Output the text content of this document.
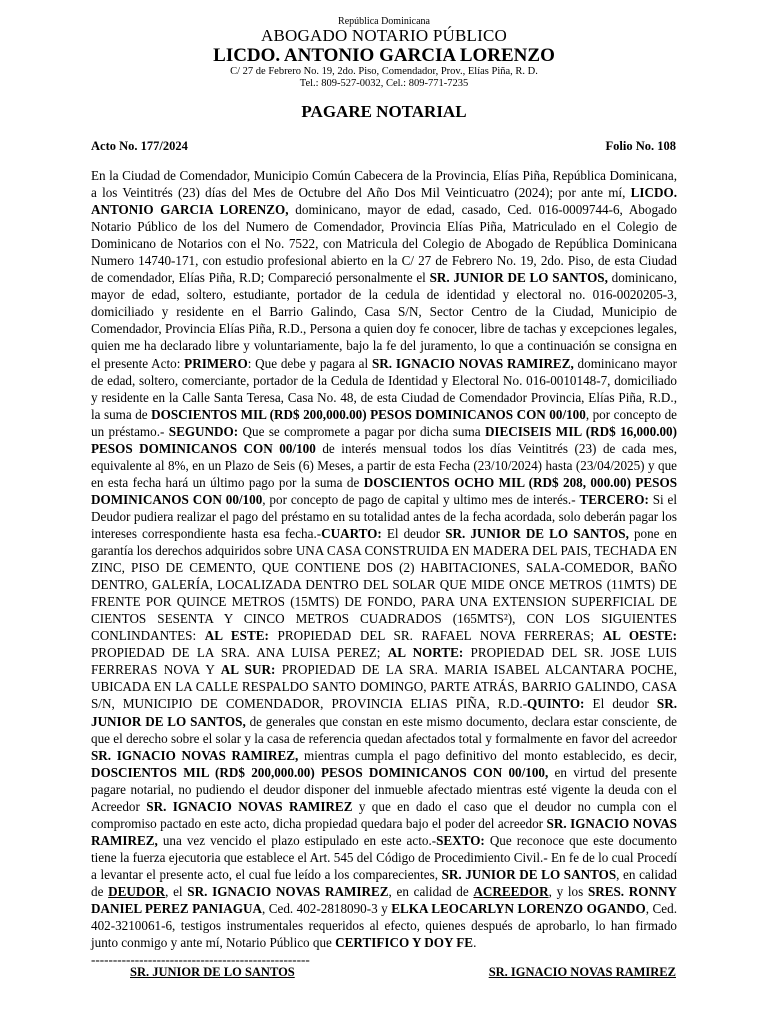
República Dominicana
ABOGADO NOTARIO PÚBLICO
LICDO. ANTONIO GARCIA LORENZO
C/ 27 de Febrero No. 19, 2do. Piso, Comendador, Prov., Elías Piña, R. D.
Tel.: 809-527-0032, Cel.: 809-771-7235
PAGARE NOTARIAL
Acto No. 177/2024	Folio No. 108
En la Ciudad de Comendador, Municipio Común Cabecera de la Provincia, Elías Piña, República Dominicana, a los Veintitrés (23) días del Mes de Octubre del Año Dos Mil Veinticuatro (2024); por ante mí, LICDO. ANTONIO GARCIA LORENZO, dominicano, mayor de edad, casado, Ced. 016-0009744-6, Abogado Notario Público de los del Numero de Comendador, Provincia Elías Piña, Matriculado en el Colegio de Dominicano de Notarios con el No. 7522, con Matricula del Colegio de Abogado de República Dominicana Numero 14740-171, con estudio profesional abierto en la C/ 27 de Febrero No. 19, 2do. Piso, de esta Ciudad de comendador, Elías Piña, R.D; Compareció personalmente el SR. JUNIOR DE LO SANTOS, dominicano, mayor de edad, soltero, estudiante, portador de la cedula de identidad y electoral no. 016-0020205-3, domiciliado y residente en el Barrio Galindo, Casa S/N, Sector Centro de la Ciudad, Municipio de Comendador, Provincia Elías Piña, R.D., Persona a quien doy fe conocer, libre de tachas y excepciones legales, quien me ha declarado libre y voluntariamente, bajo la fe del juramento, lo que a continuación se consigna en el presente Acto: PRIMERO: Que debe y pagara al SR. IGNACIO NOVAS RAMIREZ, dominicano mayor de edad, soltero, comerciante, portador de la Cedula de Identidad y Electoral No. 016-0010148-7, domiciliado y residente en la Calle Santa Teresa, Casa No. 48, de esta Ciudad de Comendador Provincia, Elías Piña, R.D., la suma de DOSCIENTOS MIL (RD$ 200,000.00) PESOS DOMINICANOS CON 00/100, por concepto de un préstamo.- SEGUNDO: Que se compromete a pagar por dicha suma DIECISEIS MIL (RD$ 16,000.00) PESOS DOMINICANOS CON 00/100 de interés mensual todos los días Veintitrés (23) de cada mes, equivalente al 8%, en un Plazo de Seis (6) Meses, a partir de esta Fecha (23/10/2024) hasta (23/04/2025) y que en esta fecha hará un último pago por la suma de DOSCIENTOS OCHO MIL (RD$ 208, 000.00) PESOS DOMINICANOS CON 00/100, por concepto de pago de capital y ultimo mes de interés.- TERCERO: Si el Deudor pudiera realizar el pago del préstamo en su totalidad antes de la fecha acordada, solo deberán pagar los intereses correspondiente hasta esa fecha.-CUARTO: El deudor SR. JUNIOR DE LO SANTOS, pone en garantía los derechos adquiridos sobre UNA CASA CONSTRUIDA EN MADERA DEL PAIS, TECHADA EN ZINC, PISO DE CEMENTO, QUE CONTIENE DOS (2) HABITACIONES, SALA-COMEDOR, BAÑO DENTRO, GALERÍA, LOCALIZADA DENTRO DEL SOLAR QUE MIDE ONCE METROS (11MTS) DE FRENTE POR QUINCE METROS (15MTS) DE FONDO, PARA UNA EXTENSION SUPERFICIAL DE CIENTOS SESENTA Y CINCO METROS CUADRADOS (165MTS²), CON LOS SIGUIENTES CONLINDANTES: AL ESTE: PROPIEDAD DEL SR. RAFAEL NOVA FERRERAS; AL OESTE: PROPIEDAD DE LA SRA. ANA LUISA PEREZ; AL NORTE: PROPIEDAD DEL SR. JOSE LUIS FERRERAS NOVA Y AL SUR: PROPIEDAD DE LA SRA. MARIA ISABEL ALCANTARA POCHE, UBICADA EN LA CALLE RESPALDO SANTO DOMINGO, PARTE ATRÁS, BARRIO GALINDO, CASA S/N, MUNICIPIO DE COMENDADOR, PROVINCIA ELIAS PIÑA, R.D.-QUINTO: El deudor SR. JUNIOR DE LO SANTOS, de generales que constan en este mismo documento, declara estar consciente, de que el derecho sobre el solar y la casa de referencia quedan afectados total y formalmente en favor del acreedor SR. IGNACIO NOVAS RAMIREZ, mientras cumpla el pago definitivo del monto establecido, es decir, DOSCIENTOS MIL (RD$ 200,000.00) PESOS DOMINICANOS CON 00/100, en virtud del presente pagare notarial, no pudiendo el deudor disponer del inmueble afectado mientras esté vigente la deuda con el Acreedor SR. IGNACIO NOVAS RAMIREZ y que en dado el caso que el deudor no cumpla con el compromiso pactado en este acto, dicha propiedad quedara bajo el poder del acreedor SR. IGNACIO NOVAS RAMIREZ, una vez vencido el plazo estipulado en este acto.-SEXTO: Que reconoce que este documento tiene la fuerza ejecutoria que establece el Art. 545 del Código de Procedimiento Civil.- En fe de lo cual Procedí a levantar el presente acto, el cual fue leído a los comparecientes, SR. JUNIOR DE LO SANTOS, en calidad de DEUDOR, el SR. IGNACIO NOVAS RAMIREZ, en calidad de ACREEDOR, y los SRES. RONNY DANIEL PEREZ PANIAGUA, Ced. 402-2818090-3 y ELKA LEOCARLYN LORENZO OGANDO, Ced. 402-3210061-6, testigos instrumentales requeridos al efecto, quienes después de aprobarlo, lo han firmado junto conmigo y ante mí, Notario Público que CERTIFICO Y DOY FE.
--------------------------------------------------
SR. JUNIOR DE LO SANTOS	SR. IGNACIO NOVAS RAMIREZ
